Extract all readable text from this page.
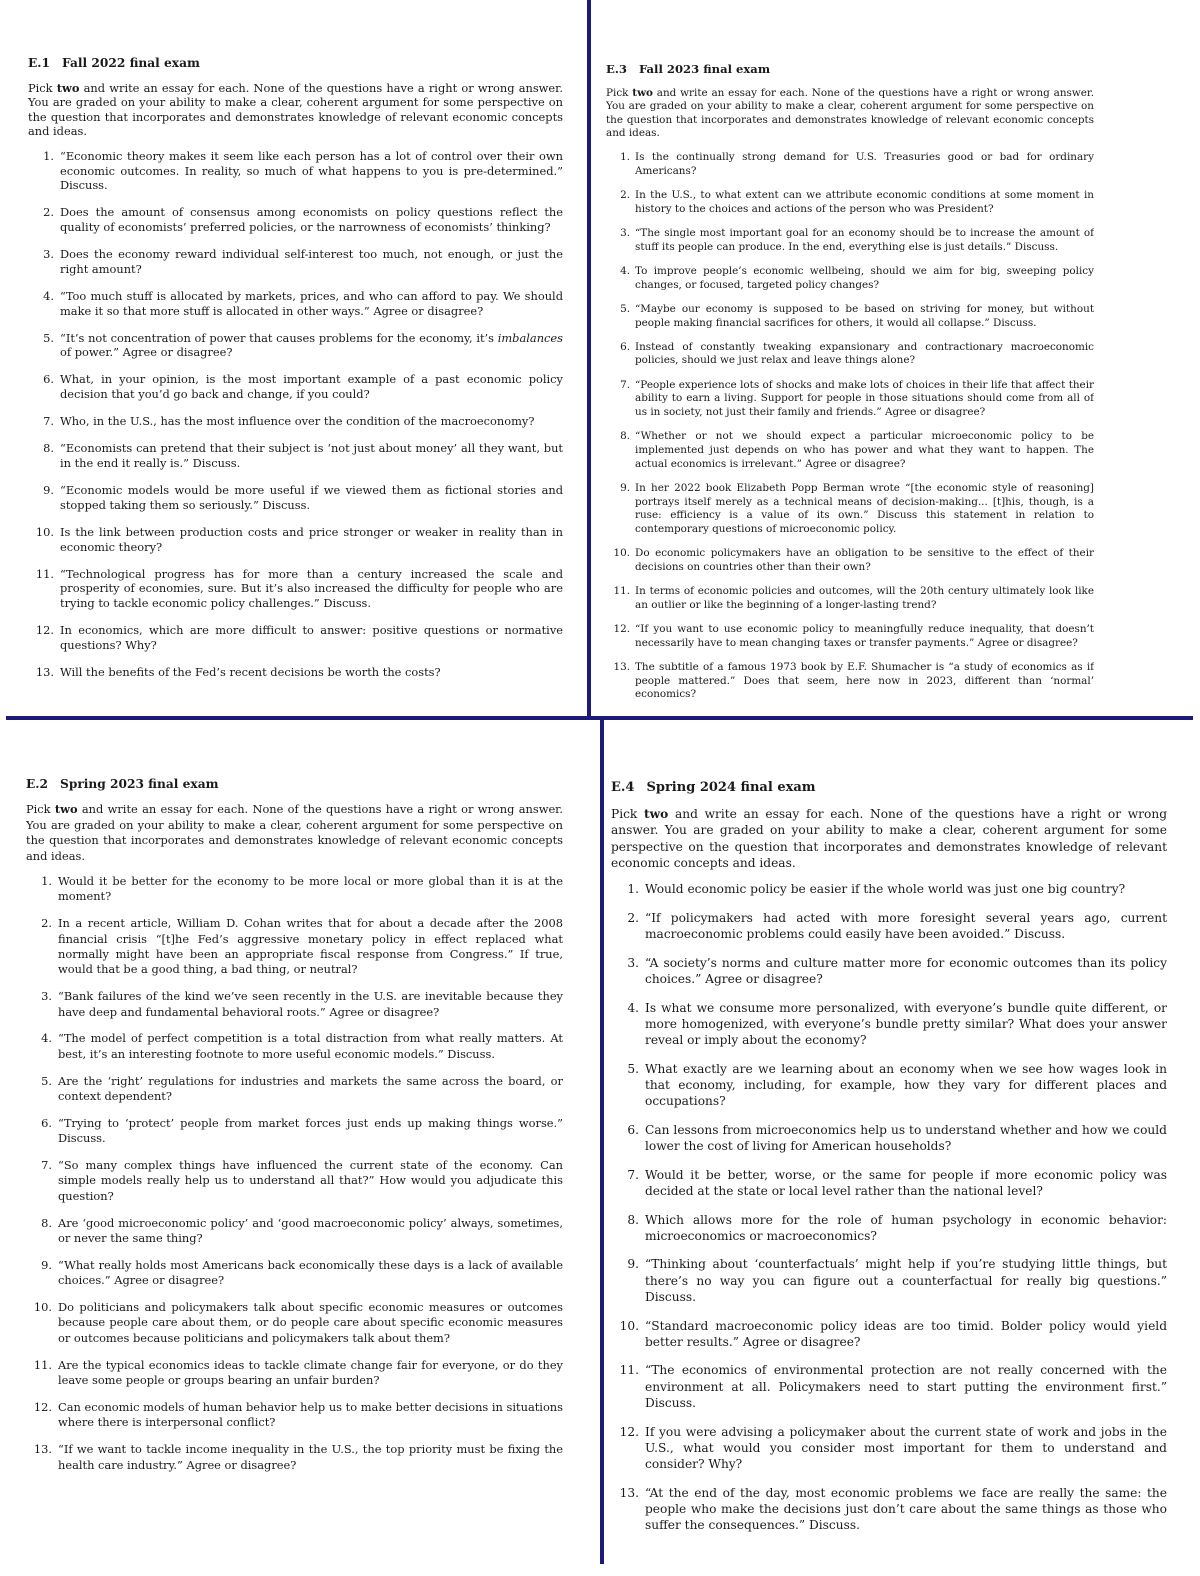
E.1 Fall 2022 final exam

Pick two and write an essay for each. None of the questions have a right or wrong answer. You are graded on your ability to make a clear, coherent argument for some perspective on the question that incorporates and demonstrates knowledge of relevant economic concepts and ideas.

1. “Economic theory makes it seem like each person has a lot of control over their own economic outcomes. In reality, so much of what happens to you is pre-determined.” Discuss.
2. Does the amount of consensus among economists on policy questions reflect the quality of economists’ preferred policies, or the narrowness of economists’ thinking?
3. Does the economy reward individual self-interest too much, not enough, or just the right amount?
4. “Too much stuff is allocated by markets, prices, and who can afford to pay. We should make it so that more stuff is allocated in other ways.” Agree or disagree?
5. “It’s not concentration of power that causes problems for the economy, it’s imbalances of power.” Agree or disagree?
6. What, in your opinion, is the most important example of a past economic policy decision that you’d go back and change, if you could?
7. Who, in the U.S., has the most influence over the condition of the macroeconomy?
8. “Economists can pretend that their subject is ‘not just about money’ all they want, but in the end it really is.” Discuss.
9. “Economic models would be more useful if we viewed them as fictional stories and stopped taking them so seriously.” Discuss.
10. Is the link between production costs and price stronger or weaker in reality than in economic theory?
11. “Technological progress has for more than a century increased the scale and prosperity of economies, sure. But it’s also increased the difficulty for people who are trying to tackle economic policy challenges.” Discuss.
12. In economics, which are more difficult to answer: positive questions or normative questions? Why?
13. Will the benefits of the Fed’s recent decisions be worth the costs?
E.3 Fall 2023 final exam

Pick two and write an essay for each. None of the questions have a right or wrong answer. You are graded on your ability to make a clear, coherent argument for some perspective on the question that incorporates and demonstrates knowledge of relevant economic concepts and ideas.

1. Is the continually strong demand for U.S. Treasuries good or bad for ordinary Americans?
2. In the U.S., to what extent can we attribute economic conditions at some moment in history to the choices and actions of the person who was President?
3. “The single most important goal for an economy should be to increase the amount of stuff its people can produce. In the end, everything else is just details.” Discuss.
4. To improve people’s economic wellbeing, should we aim for big, sweeping policy changes, or focused, targeted policy changes?
5. “Maybe our economy is supposed to be based on striving for money, but without people making financial sacrifices for others, it would all collapse.” Discuss.
6. Instead of constantly tweaking expansionary and contractionary macroeconomic policies, should we just relax and leave things alone?
7. “People experience lots of shocks and make lots of choices in their life that affect their ability to earn a living. Support for people in those situations should come from all of us in society, not just their family and friends.” Agree or disagree?
8. “Whether or not we should expect a particular microeconomic policy to be implemented just depends on who has power and what they want to happen. The actual economics is irrelevant.” Agree or disagree?
9. In her 2022 book Elizabeth Popp Berman wrote “[the economic style of reasoning] portrays itself merely as a technical means of decision-making... [t]his, though, is a ruse: efficiency is a value of its own.” Discuss this statement in relation to contemporary questions of microeconomic policy.
10. Do economic policymakers have an obligation to be sensitive to the effect of their decisions on countries other than their own?
11. In terms of economic policies and outcomes, will the 20th century ultimately look like an outlier or like the beginning of a longer-lasting trend?
12. “If you want to use economic policy to meaningfully reduce inequality, that doesn’t necessarily have to mean changing taxes or transfer payments.” Agree or disagree?
13. The subtitle of a famous 1973 book by E.F. Shumacher is “a study of economics as if people mattered.” Does that seem, here now in 2023, different than ‘normal’ economics?
E.2 Spring 2023 final exam

Pick two and write an essay for each. None of the questions have a right or wrong answer. You are graded on your ability to make a clear, coherent argument for some perspective on the question that incorporates and demonstrates knowledge of relevant economic concepts and ideas.

1. Would it be better for the economy to be more local or more global than it is at the moment?
2. In a recent article, William D. Cohan writes that for about a decade after the 2008 financial crisis “[t]he Fed’s aggressive monetary policy in effect replaced what normally might have been an appropriate fiscal response from Congress.” If true, would that be a good thing, a bad thing, or neutral?
3. “Bank failures of the kind we’ve seen recently in the U.S. are inevitable because they have deep and fundamental behavioral roots.” Agree or disagree?
4. “The model of perfect competition is a total distraction from what really matters. At best, it’s an interesting footnote to more useful economic models.” Discuss.
5. Are the ‘right’ regulations for industries and markets the same across the board, or context dependent?
6. “Trying to ‘protect’ people from market forces just ends up making things worse.” Discuss.
7. “So many complex things have influenced the current state of the economy. Can simple models really help us to understand all that?” How would you adjudicate this question?
8. Are ‘good microeconomic policy’ and ‘good macroeconomic policy’ always, sometimes, or never the same thing?
9. “What really holds most Americans back economically these days is a lack of available choices.” Agree or disagree?
10. Do politicians and policymakers talk about specific economic measures or outcomes because people care about them, or do people care about specific economic measures or outcomes because politicians and policymakers talk about them?
11. Are the typical economics ideas to tackle climate change fair for everyone, or do they leave some people or groups bearing an unfair burden?
12. Can economic models of human behavior help us to make better decisions in situations where there is interpersonal conflict?
13. “If we want to tackle income inequality in the U.S., the top priority must be fixing the health care industry.” Agree or disagree?
E.4 Spring 2024 final exam

Pick two and write an essay for each. None of the questions have a right or wrong answer. You are graded on your ability to make a clear, coherent argument for some perspective on the question that incorporates and demonstrates knowledge of relevant economic concepts and ideas.

1. Would economic policy be easier if the whole world was just one big country?
2. “If policymakers had acted with more foresight several years ago, current macroeconomic problems could easily have been avoided.” Discuss.
3. “A society’s norms and culture matter more for economic outcomes than its policy choices.” Agree or disagree?
4. Is what we consume more personalized, with everyone’s bundle quite different, or more homogenized, with everyone’s bundle pretty similar? What does your answer reveal or imply about the economy?
5. What exactly are we learning about an economy when we see how wages look in that economy, including, for example, how they vary for different places and occupations?
6. Can lessons from microeconomics help us to understand whether and how we could lower the cost of living for American households?
7. Would it be better, worse, or the same for people if more economic policy was decided at the state or local level rather than the national level?
8. Which allows more for the role of human psychology in economic behavior: microeconomics or macroeconomics?
9. “Thinking about ‘counterfactuals’ might help if you’re studying little things, but there’s no way you can figure out a counterfactual for really big questions.” Discuss.
10. “Standard macroeconomic policy ideas are too timid. Bolder policy would yield better results.” Agree or disagree?
11. “The economics of environmental protection are not really concerned with the environment at all. Policymakers need to start putting the environment first.” Discuss.
12. If you were advising a policymaker about the current state of work and jobs in the U.S., what would you consider most important for them to understand and consider? Why?
13. “At the end of the day, most economic problems we face are really the same: the people who make the decisions just don’t care about the same things as those who suffer the consequences.” Discuss.
